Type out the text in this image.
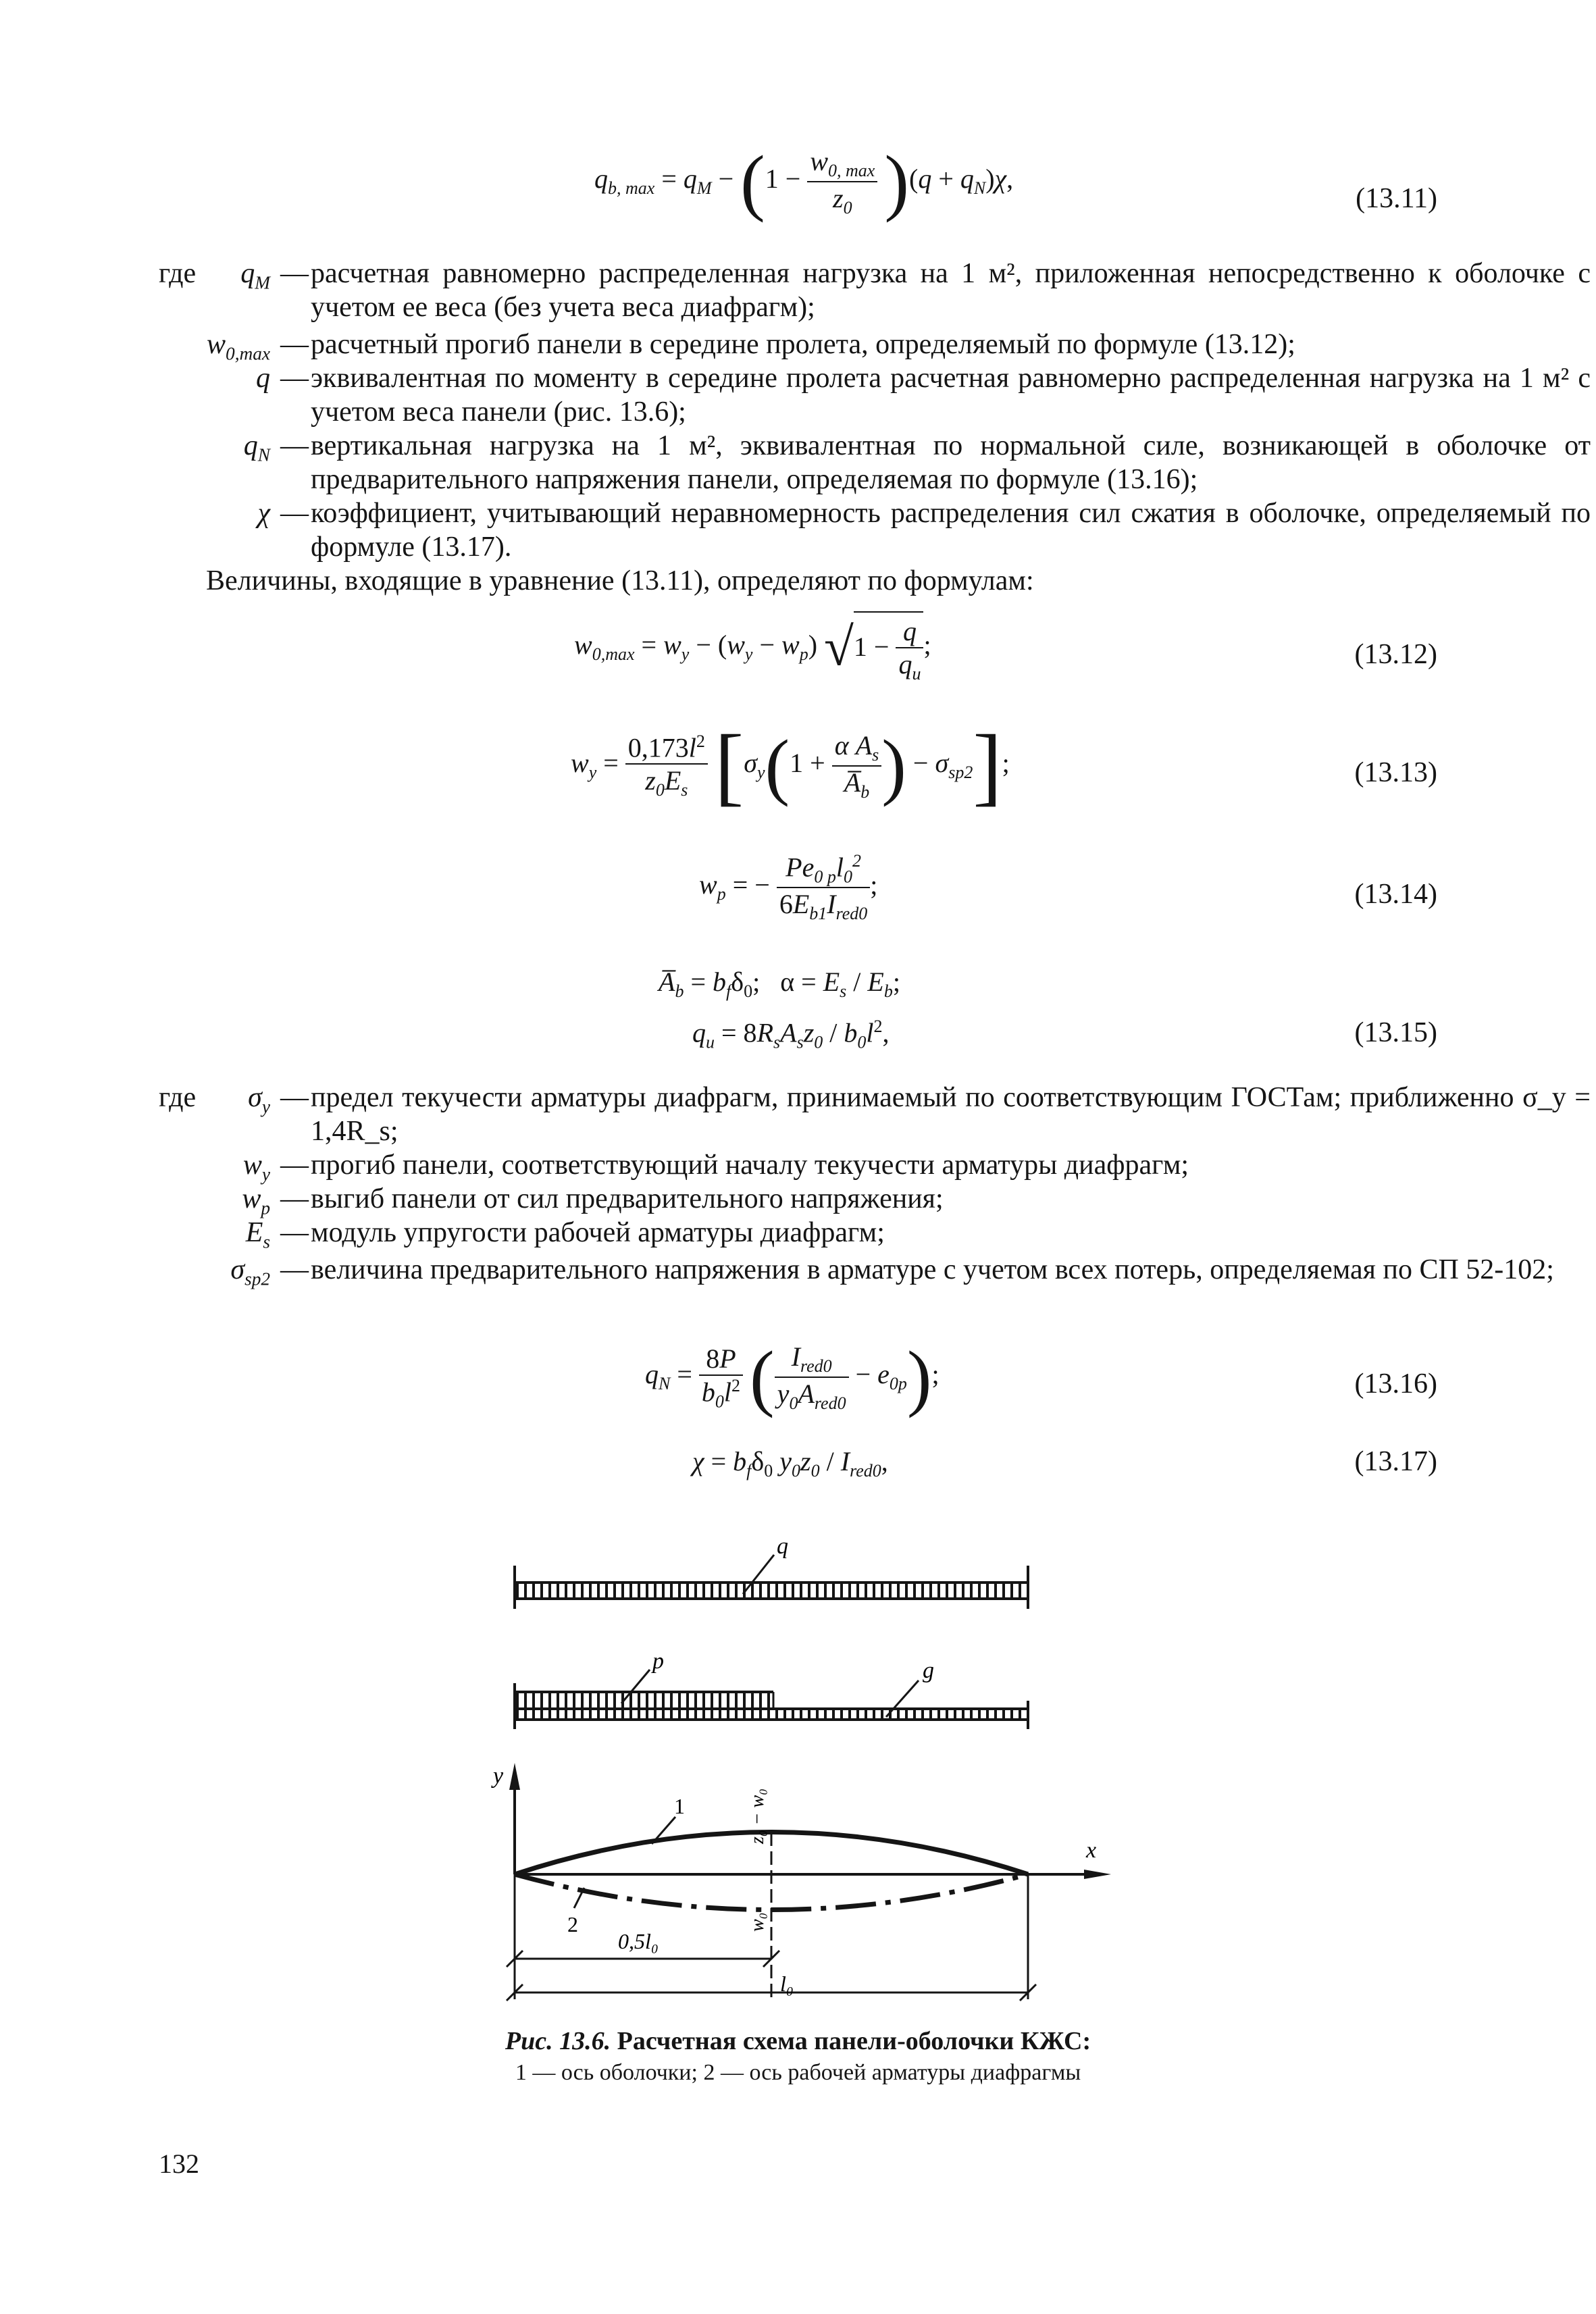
$q_{b, max} = q_M - (1 - \frac{w_{0, max}}{z_0} )(q + q_N)\chi$,
(13.11)
где	$q_M$ — расчетная равномерно распределенная нагрузка на 1 м², приложенная непосредственно к оболочке с учетом ее веса (без учета веса диафрагм);
$w_{0,max}$ — расчетный прогиб панели в середине пролета, определяемый по формуле (13.12);
q — эквивалентная по моменту в середине пролета расчетная равномерно распределенная нагрузка на 1 м² с учетом веса панели (рис. 13.6);
$q_N$ — вертикальная нагрузка на 1 м², эквивалентная по нормальной силе, возникающей в оболочке от предварительного напряжения панели, определяемая по формуле (13.16);
χ — коэффициент, учитывающий неравномерность распределения сил сжатия в оболочке, определяемый по формуле (13.17).
Величины, входящие в уравнение (13.11), определяют по формулам:
$w_{0,max} = w_y - (w_y - w_p) √1 - \frac{q}{q_u}$ ;	(13.12)
$w_y = \frac{0,173l^2}{z_0E_s} [\sigma_y(1 + \frac{\alpha A_s}{A̅_b}$ ) − $\sigma_{sp2}$];	(13.13)
$w_p$ = − $\frac{Pe_{0 p}l_0^2}{6E_{b1}I_{red0}}$ ;	(13.14)
$A̅_b = b_f\delta_0$;   $\alpha = E_s / E_b$;
$q_u = 8R_sA_sz_0 / b_0l^2$,	(13.15)
где	$\sigma_y$ — предел текучести арматуры диафрагм, принимаемый по соответствующим ГОСТам; приближенно σ_y = 1,4R_s;
$w_y$ — прогиб панели, соответствующий началу текучести арматуры диафрагм;
$w_p$ — выгиб панели от сил предварительного напряжения;
$E_s$ — модуль упругости рабочей арматуры диафрагм;
$\sigma_{sp2}$ — величина предварительного напряжения в арматуре с учетом всех потерь, определяемая по СП 52-102;
$q_N = \frac{8P}{b_0l^2}$ ( $\frac{I_{red0}}{y_0A_{red0}} - e_{0p}$);	(13.16)
$\chi = b_f\delta_0$ $y_0z_0 / I_{red0}$,	(13.17)
q
p	g
y
x
1
2
z₀ − w₀
w₀
0,5l₀
l₀
Рис. 13.6. Расчетная схема панели-оболочки КЖС:
1 — ось оболочки; 2 — ось рабочей арматуры диафрагмы
132
